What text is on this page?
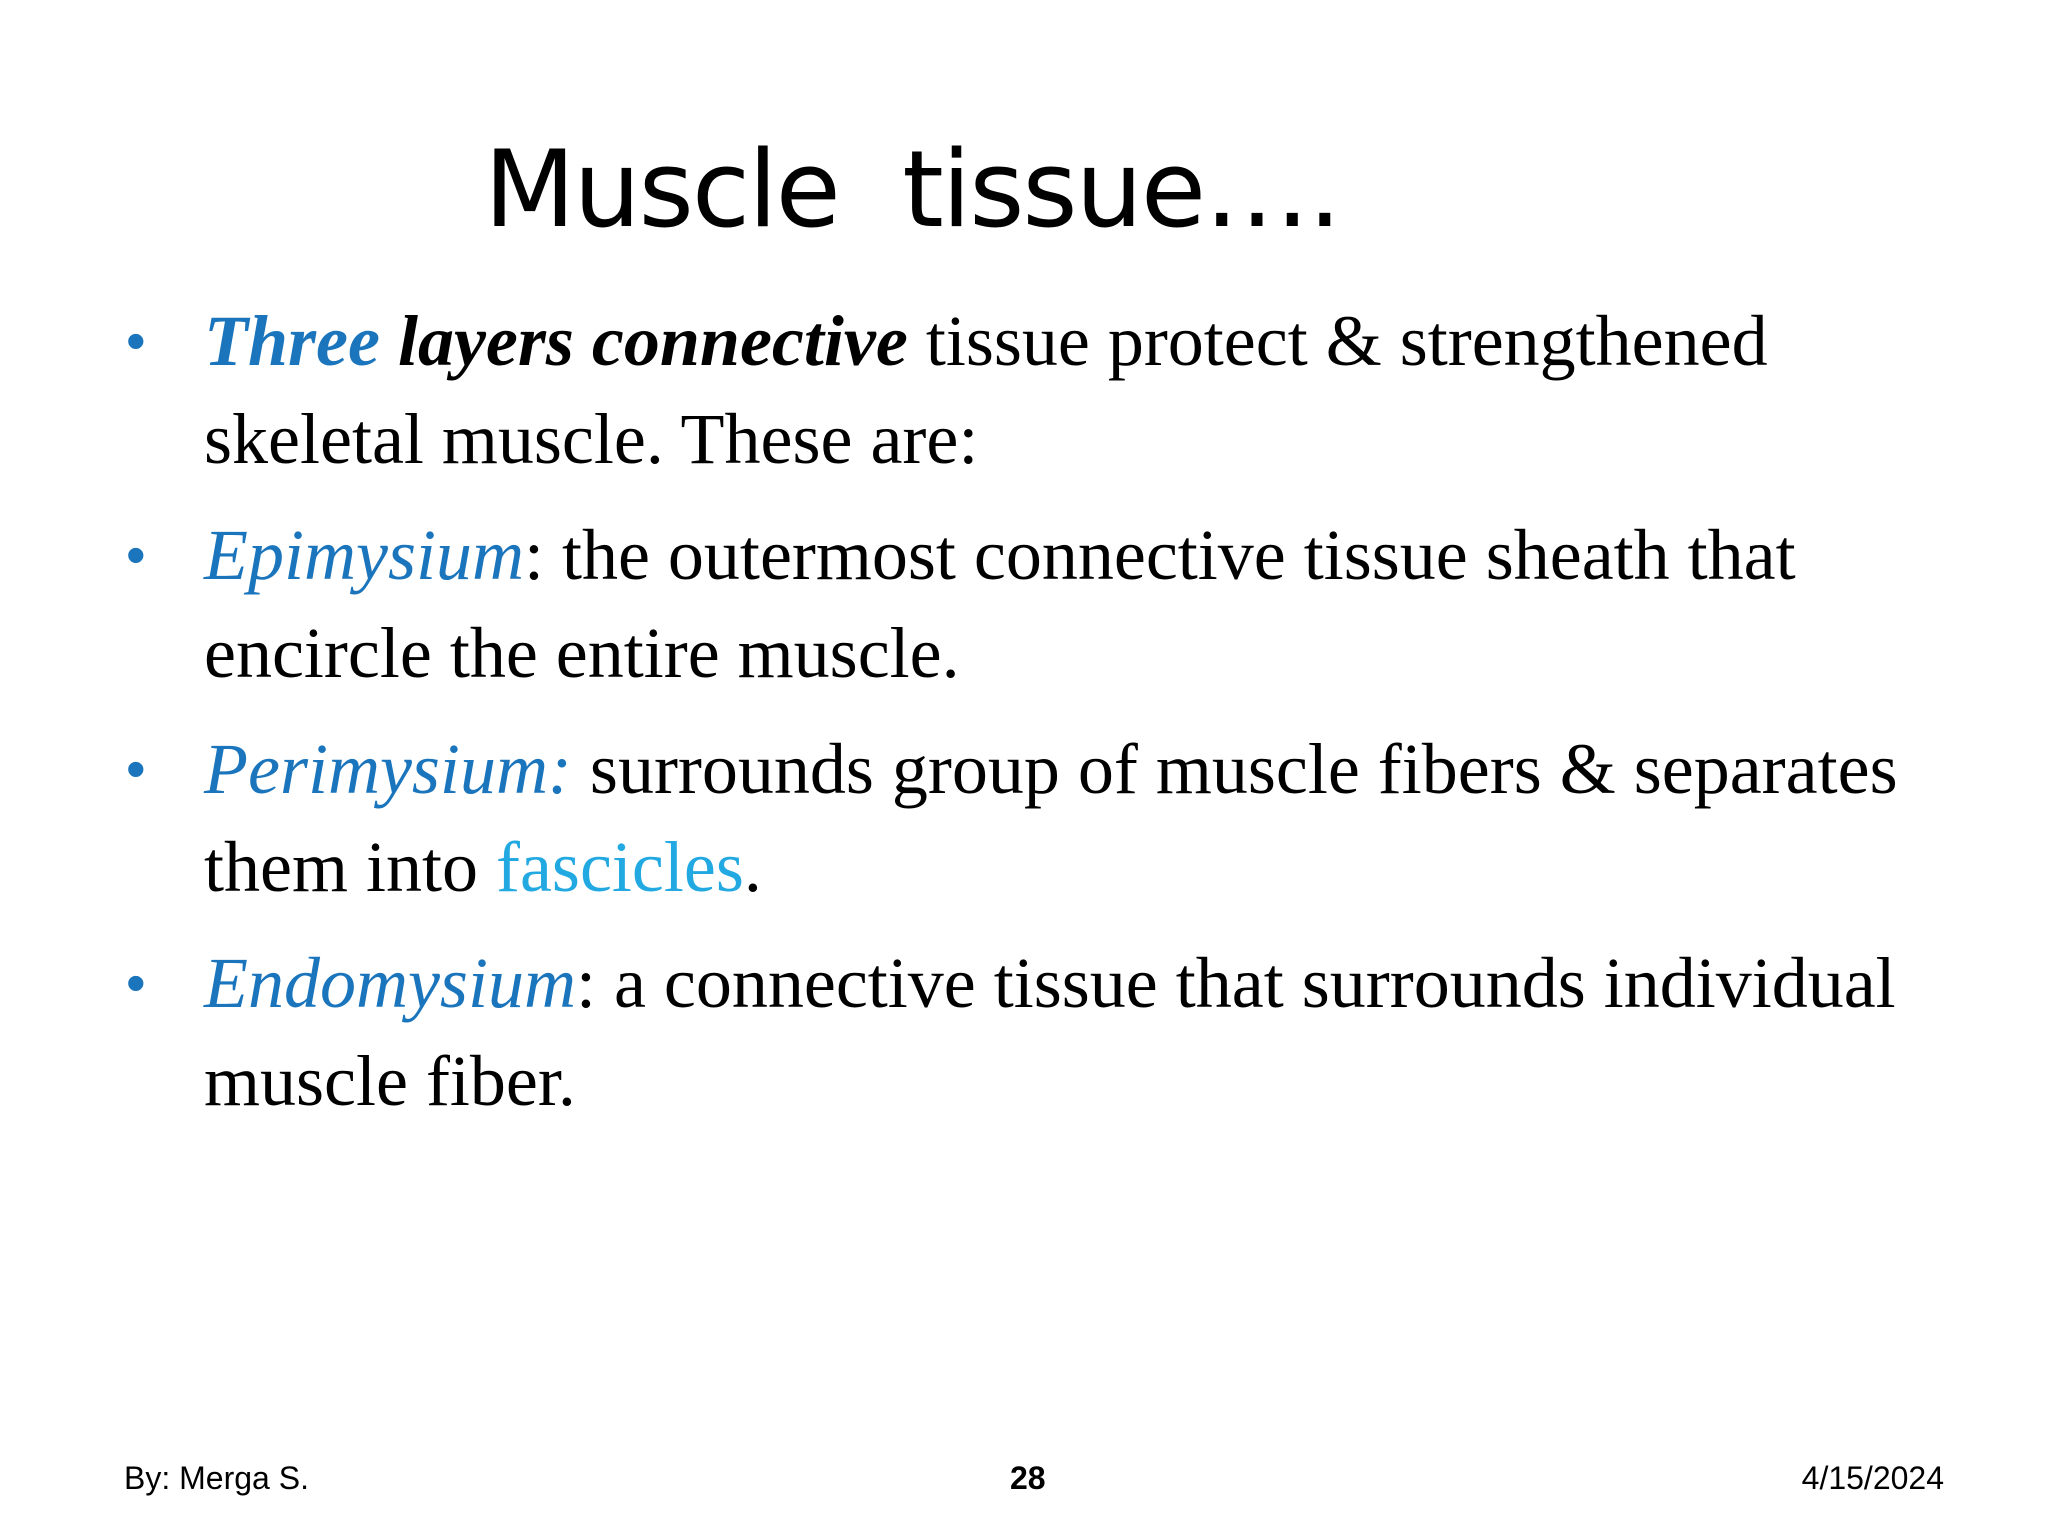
Muscle  tissue….
• Three layers connective tissue protect & strengthened skeletal muscle. These are:
• Epimysium: the outermost connective tissue sheath that encircle the entire muscle.
• Perimysium: surrounds group of muscle fibers & separates them into fascicles.
• Endomysium: a connective tissue that surrounds individual muscle fiber.
By: Merga S.	28	4/15/2024
